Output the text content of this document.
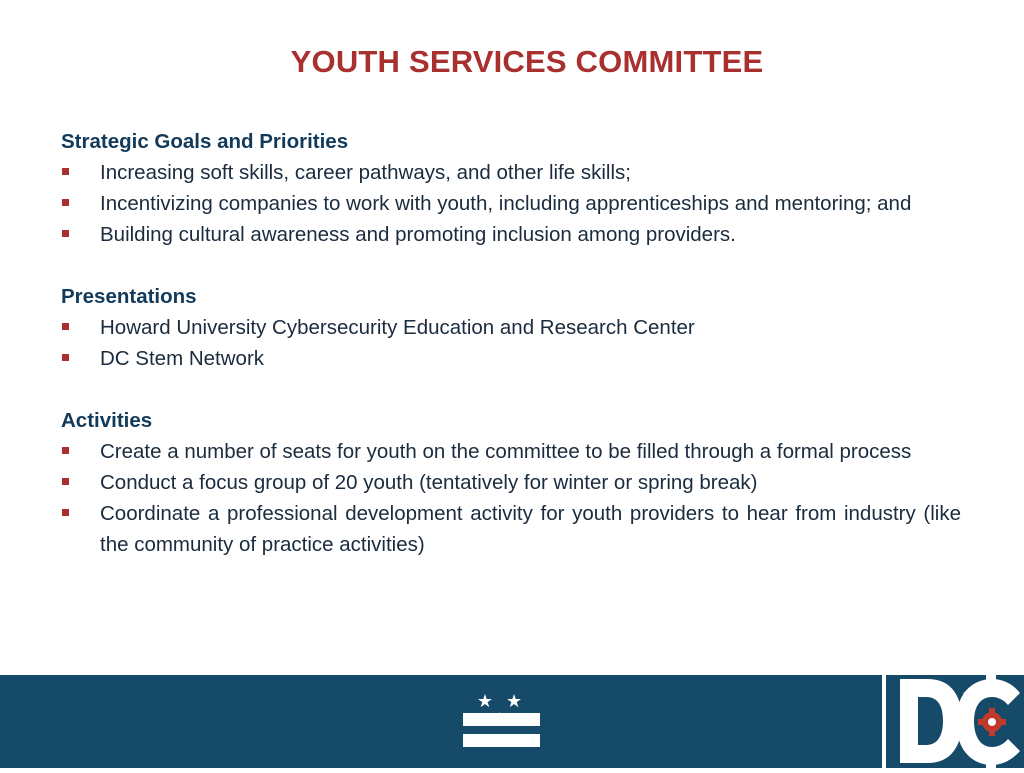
YOUTH SERVICES COMMITTEE
Strategic Goals and Priorities
Increasing soft skills, career pathways, and other life skills;
Incentivizing companies to work with youth, including apprenticeships and mentoring; and
Building cultural awareness and promoting inclusion among providers.
Presentations
Howard University Cybersecurity Education and Research Center
DC Stem Network
Activities
Create a number of seats for youth on the committee to be filled through a formal process
Conduct a focus group of 20 youth (tentatively for winter or spring break)
Coordinate a professional development activity for youth providers to hear from industry (like the community of practice activities)
★ ★
